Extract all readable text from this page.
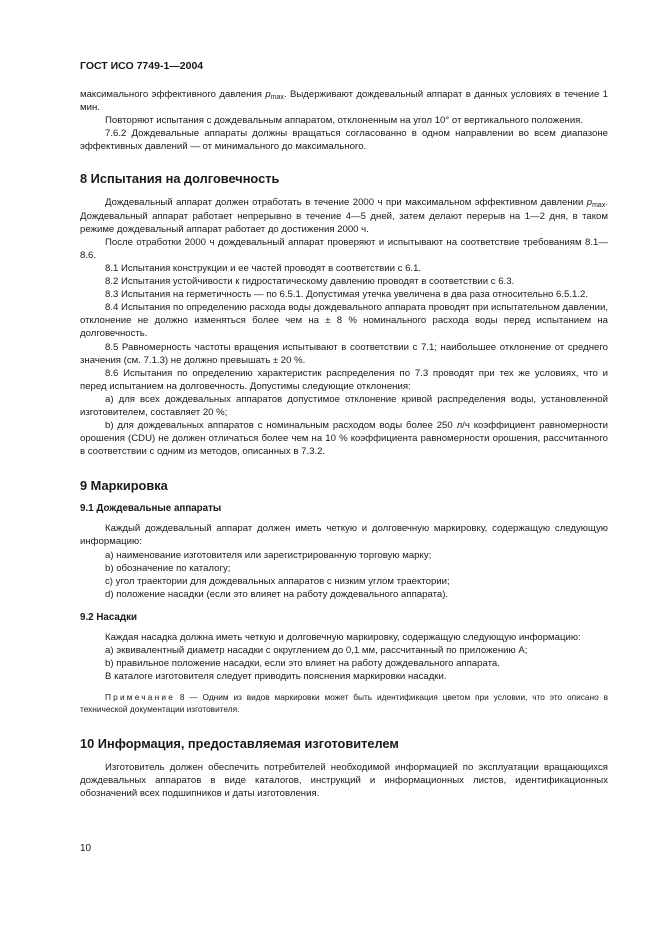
ГОСТ ИСО 7749-1—2004

максимального эффективного давления $p_{max}$. Выдерживают дождевальный аппарат в данных условиях в течение 1 мин.

Повторяют испытания с дождевальным аппаратом, отклоненным на угол 10° от вертикального положения.

7.6.2 Дождевальные аппараты должны вращаться согласованно в одном направлении во всем диапазоне эффективных давлений — от минимального до максимального.

8 Испытания на долговечность

Дождевальный аппарат должен отработать в течение 2000 ч при максимальном эффективном давлении $p_{max}$. Дождевальный аппарат работает непрерывно в течение 4—5 дней, затем делают перерыв на 1—2 дня, в таком режиме дождевальный аппарат работает до достижения 2000 ч.

После отработки 2000 ч дождевальный аппарат проверяют и испытывают на соответствие требованиям 8.1—8.6.

8.1 Испытания конструкции и ее частей проводят в соответствии с 6.1.

8.2 Испытания устойчивости к гидростатическому давлению проводят в соответствии с 6.3.

8.3 Испытания на герметичность — по 6.5.1. Допустимая утечка увеличена в два раза относительно 6.5.1.2.

8.4 Испытания по определению расхода воды дождевального аппарата проводят при испытательном давлении, отклонение не должно изменяться более чем на ± 8 % номинального расхода воды перед испытанием на долговечность.

8.5 Равномерность частоты вращения испытывают в соответствии с 7.1; наибольшее отклонение от среднего значения (см. 7.1.3) не должно превышать ± 20 %.

8.6 Испытания по определению характеристик распределения по 7.3 проводят при тех же условиях, что и перед испытанием на долговечность. Допустимы следующие отклонения:

a) для всех дождевальных аппаратов допустимое отклонение кривой распределения воды, установленной изготовителем, составляет 20 %;

b) для дождевальных аппаратов с номинальным расходом воды более 250 л/ч коэффициент равномерности орошения (CDU) не должен отличаться более чем на 10 % коэффициента равномерности орошения, рассчитанного в соответствии с одним из методов, описанных в 7.3.2.

9 Маркировка
9.1 Дождевальные аппараты

Каждый дождевальный аппарат должен иметь четкую и долговечную маркировку, содержащую следующую информацию:

a) наименование изготовителя или зарегистрированную торговую марку;

b) обозначение по каталогу;

c) угол траектории для дождевальных аппаратов с низким углом траектории;

d) положение насадки (если это влияет на работу дождевального аппарата).

9.2 Насадки

Каждая насадка должна иметь четкую и долговечную маркировку, содержащую следующую информацию:

a) эквивалентный диаметр насадки с округлением до 0,1 мм, рассчитанный по приложению А;

b) правильное положение насадки, если это влияет на работу дождевального аппарата.

В каталоге изготовителя следует приводить пояснения маркировки насадки.

Примечание 8 — Одним из видов маркировки может быть идентификация цветом при условии, что это описано в технической документации изготовителя.

10 Информация, предоставляемая изготовителем

Изготовитель должен обеспечить потребителей необходимой информацией по эксплуатации вращающихся дождевальных аппаратов в виде каталогов, инструкций и информационных листов, идентификационных обозначений всех подшипников и даты изготовления.

10
